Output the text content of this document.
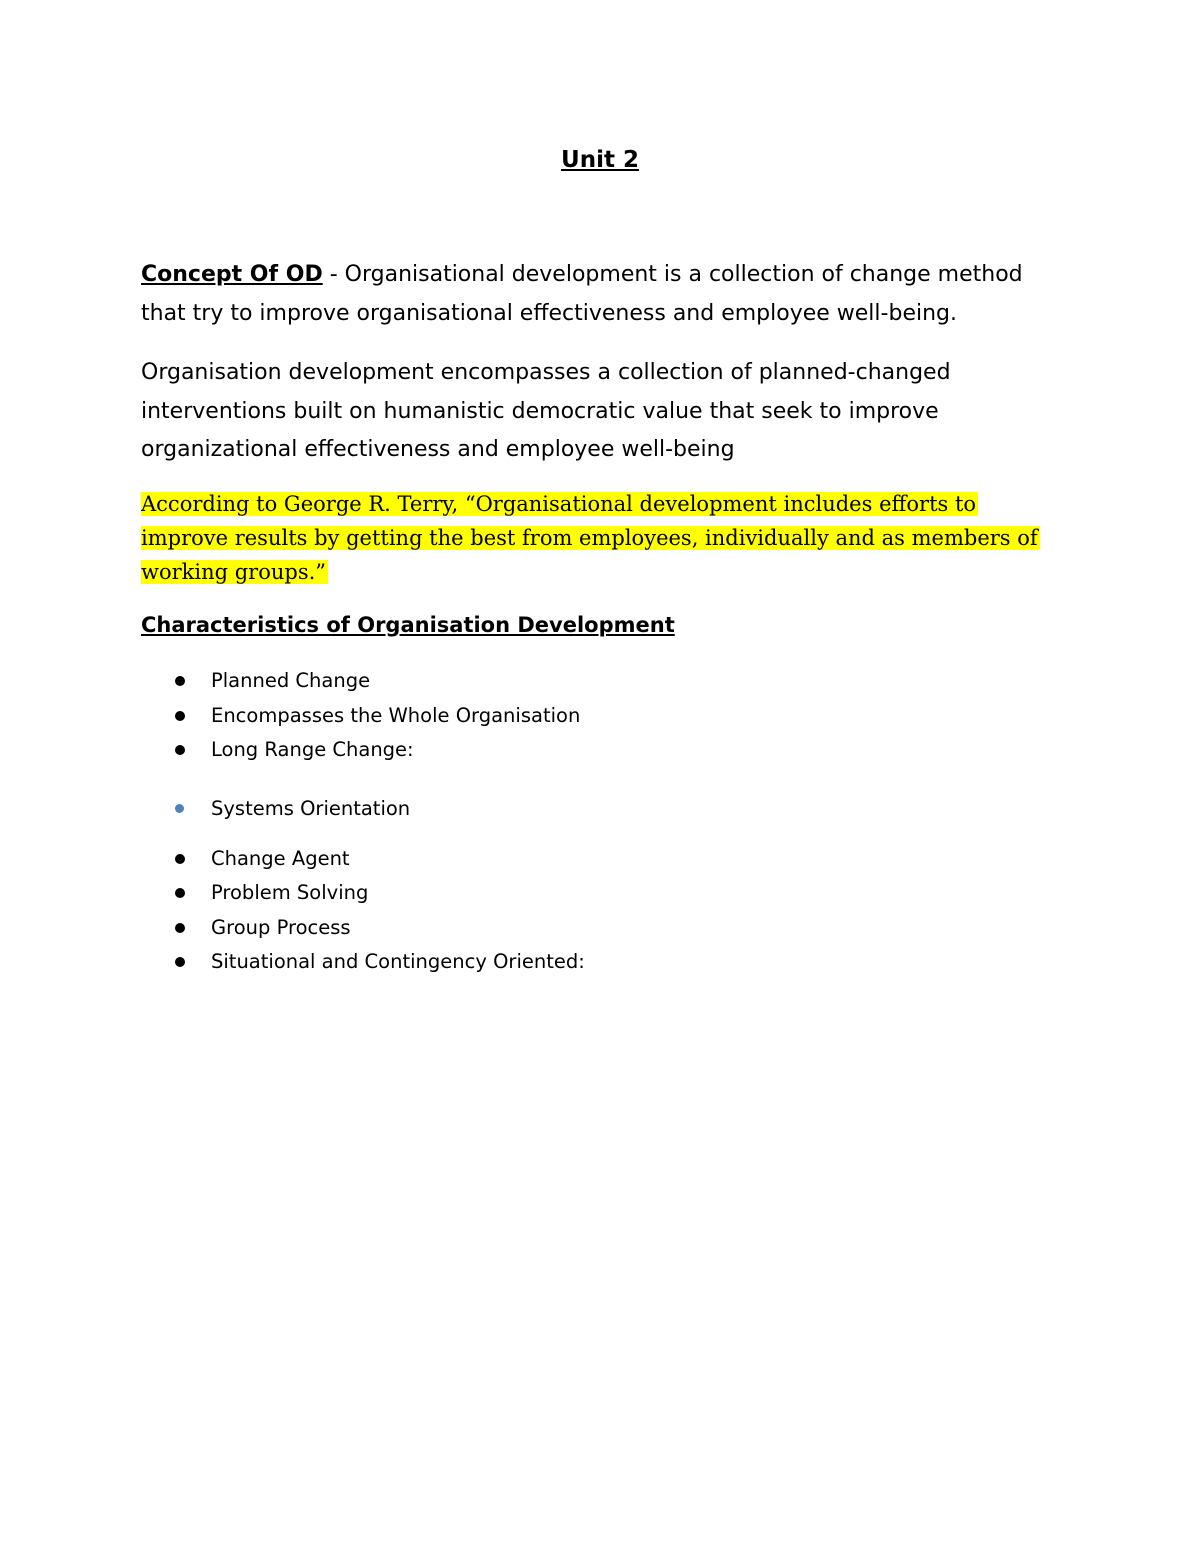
Unit 2
Concept Of OD - Organisational development is a collection of change method that try to improve organisational effectiveness and employee well-being.
Organisation development encompasses a collection of planned-changed interventions built on humanistic democratic value that seek to improve organizational effectiveness and employee well-being
According to George R. Terry, “Organisational development includes efforts to improve results by getting the best from employees, individually and as members of working groups.”
Characteristics of Organisation Development
Planned Change
Encompasses the Whole Organisation
Long Range Change:
Systems Orientation
Change Agent
Problem Solving
Group Process
Situational and Contingency Oriented:
